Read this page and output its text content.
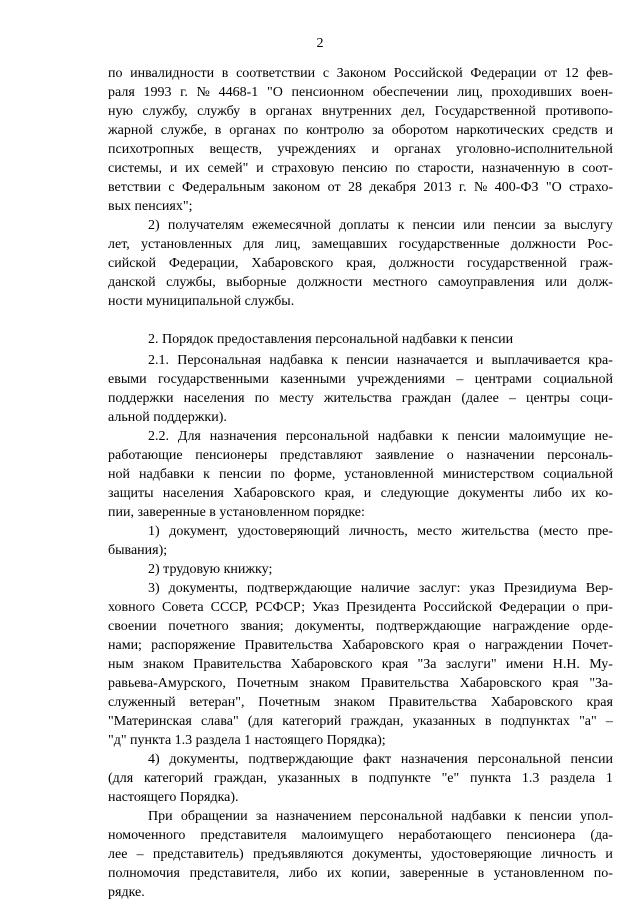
2
по инвалидности в соответствии с Законом Российской Федерации от 12 фев-
раля 1993 г. № 4468-1 "О пенсионном обеспечении лиц, проходивших воен-
ную службу, службу в органах внутренних дел, Государственной противопо-
жарной службе, в органах по контролю за оборотом наркотических средств и
психотропных веществ, учреждениях и органах уголовно-исполнительной
системы, и их семей" и страховую пенсию по старости, назначенную в соот-
ветствии с Федеральным законом от 28 декабря 2013 г. № 400-ФЗ "О страхо-
вых пенсиях";
2) получателям ежемесячной доплаты к пенсии или пенсии за выслугу
лет, установленных для лиц, замещавших государственные должности Рос-
сийской Федерации, Хабаровского края, должности государственной граж-
данской службы, выборные должности местного самоуправления или долж-
ности муниципальной службы.
2. Порядок предоставления персональной надбавки к пенсии
2.1. Персональная надбавка к пенсии назначается и выплачивается кра-
евыми государственными казенными учреждениями – центрами социальной
поддержки населения по месту жительства граждан (далее – центры соци-
альной поддержки).
2.2. Для назначения персональной надбавки к пенсии малоимущие не-
работающие пенсионеры представляют заявление о назначении персональ-
ной надбавки к пенсии по форме, установленной министерством социальной
защиты населения Хабаровского края, и следующие документы либо их ко-
пии, заверенные в установленном порядке:
1) документ, удостоверяющий личность, место жительства (место пре-
бывания);
2) трудовую книжку;
3) документы, подтверждающие наличие заслуг: указ Президиума Вер-
ховного Совета СССР, РСФСР; Указ Президента Российской Федерации о при-
своении почетного звания; документы, подтверждающие награждение орде-
нами; распоряжение Правительства Хабаровского края о награждении Почет-
ным знаком Правительства Хабаровского края "За заслуги" имени Н.Н. Му-
равьева-Амурского, Почетным знаком Правительства Хабаровского края "За-
служенный ветеран", Почетным знаком Правительства Хабаровского края
"Материнская слава" (для категорий граждан, указанных в подпунктах "а" –
"д" пункта 1.3 раздела 1 настоящего Порядка);
4) документы, подтверждающие факт назначения персональной пенсии
(для категорий граждан, указанных в подпункте "е" пункта 1.3 раздела 1
настоящего Порядка).
При обращении за назначением персональной надбавки к пенсии упол-
номоченного представителя малоимущего неработающего пенсионера (да-
лее – представитель) предъявляются документы, удостоверяющие личность и
полномочия представителя, либо их копии, заверенные в установленном по-
рядке.
